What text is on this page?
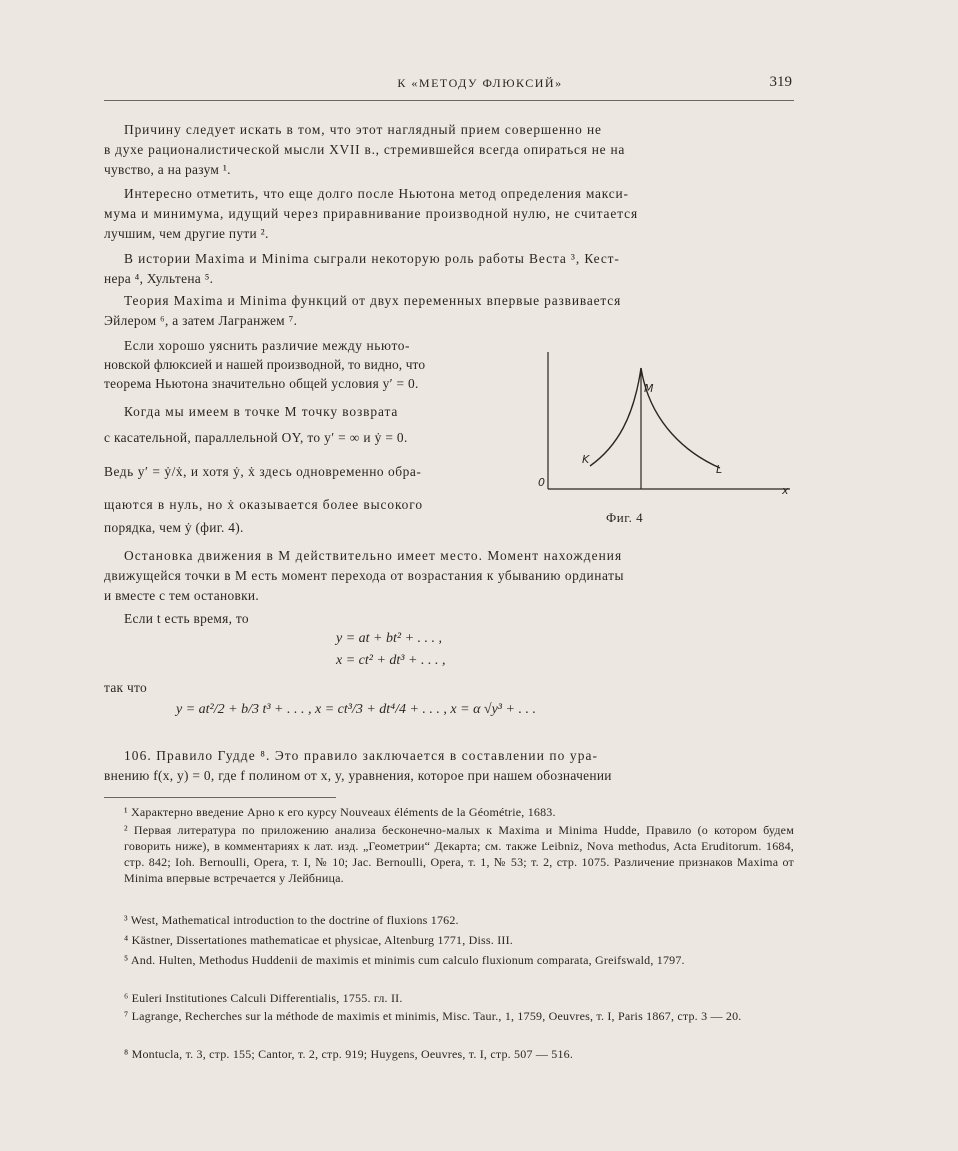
К «МЕТОДУ ФЛЮКСИЙ»	319
Причину следует искать в том, что этот наглядный прием совершенно не
в духе рационалистической мысли XVII в., стремившейся всегда опираться не на
чувство, а на разум ¹.
Интересно отметить, что еще долго после Ньютона метод определения макси-
мума и минимума, идущий через приравнивание производной нулю, не считается
лучшим, чем другие пути ².
В истории Maxima и Minima сыграли некоторую роль работы Веста ³, Кест-
нера ⁴, Хультена ⁵.
Теория Maxima и Minima функций от двух переменных впервые развивается
Эйлером ⁶, а затем Лагранжем ⁷.
Если хорошо уяснить различие между ньюто-
новской флюксией и нашей производной, то видно, что
теорема Ньютона значительно общей условия y′ = 0.
Когда мы имеем в точке M точку возврата
с касательной, параллельной OY, то y′ = ∞ и ẏ = 0.
Ведь y′ = ẏ/ẋ, и хотя ẏ, ẋ здесь одновременно обра-
щаются в нуль, но ẋ оказывается более высокого
порядка, чем ẏ (фиг. 4).
M
K
L
0
x
Фиг. 4
Остановка движения в M действительно имеет место. Момент нахождения
движущейся точки в M есть момент перехода от возрастания к убыванию ординаты
и вместе с тем остановки.
Если t есть время, то
y = at + bt² + . . . ,
x = ct² + dt³ + . . . ,
так что
y = at²/2 + b/3 t³ + . . . , x = ct³/3 + dt⁴/4 + . . . , x = α √y³ + . . .
106. Правило Гудде ⁸. Это правило заключается в составлении по ура-
внению f(x, y) = 0, где f полином от x, y, уравнения, которое при нашем обозначении
¹ Характерно введение Арно к его курсу Nouveaux éléments de la Géométrie, 1683.
² Первая литература по приложению анализа бесконечно-малых к Maxima и Minima Hudde, Правило (о котором будем говорить ниже), в комментариях к лат. изд. „Геометрии“ Декарта; см. также Leibniz, Nova methodus, Acta Eruditorum. 1684, стр. 842; Ioh. Bernoulli, Opera, т. I, № 10; Jac. Bernoulli, Opera, т. 1, № 53; т. 2, стр. 1075. Различение признаков Maxima от Minima впервые встречается у Лейбница.
³ West, Mathematical introduction to the doctrine of fluxions 1762.
⁴ Kästner, Dissertationes mathematicae et physicae, Altenburg 1771, Diss. III.
⁵ And. Hulten, Methodus Huddenii de maximis et minimis cum calculo fluxionum comparata, Greifswald, 1797.
⁶ Euleri Institutiones Calculi Differentialis, 1755. гл. II.
⁷ Lagrange, Recherches sur la méthode de maximis et minimis, Misc. Taur., 1, 1759, Oeuvres, т. I, Paris 1867, стр. 3 — 20.
⁸ Montucla, т. 3, стр. 155; Cantor, т. 2, стр. 919; Huygens, Oeuvres, т. I, стр. 507 — 516.
